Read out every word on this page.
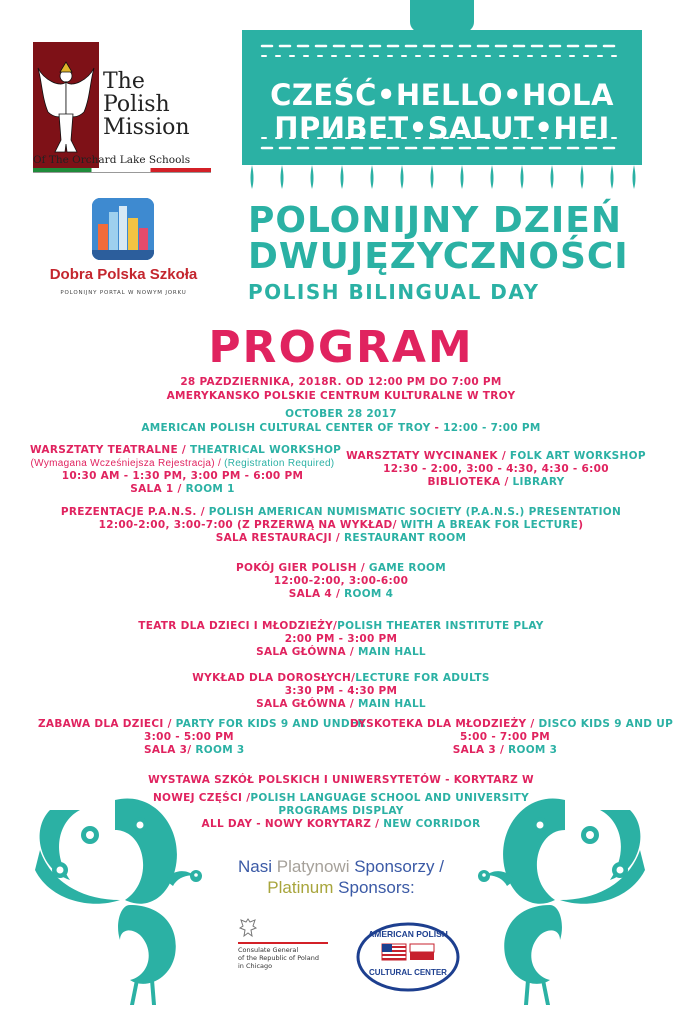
The
Polish
Mission
Of The Orchard Lake Schools
Dobra Polska Szkoła
POLONIJNY PORTAL W NOWYM JORKU
CZEŚĆ•HELLO•HOLA
ПРИВЕТ•SALUT•HEI
POLONIJNY DZIEŃ
DWUJĘZYCZNOŚCI
POLISH BILINGUAL DAY
PROGRAM
28 PAZDZIERNIKA, 2018R. OD 12:00 PM DO 7:00 PM
AMERYKANSKO POLSKIE CENTRUM KULTURALNE W TROY
OCTOBER 28 2017
AMERICAN POLISH CULTURAL CENTER OF TROY - 12:00 - 7:00 PM
WARSZTATY TEATRALNE / THEATRICAL WORKSHOP
(Wymagana Wcześniejsza Rejestracja) / (Registration Required)
10:30 AM - 1:30 PM, 3:00 PM - 6:00 PM
SALA 1 / ROOM 1
WARSZTATY WYCINANEK / FOLK ART WORKSHOP
12:30 - 2:00, 3:00 - 4:30, 4:30 - 6:00
BIBLIOTEKA / LIBRARY
PREZENTACJE P.A.N.S. / POLISH AMERICAN NUMISMATIC SOCIETY (P.A.N.S.) PRESENTATION
12:00-2:00, 3:00-7:00 (Z PRZERWĄ NA WYKŁAD/ WITH A BREAK FOR LECTURE)
SALA RESTAURACJI / RESTAURANT ROOM
POKÓJ GIER POLISH / GAME ROOM
12:00-2:00, 3:00-6:00
SALA 4 / ROOM 4
TEATR DLA DZIECI I MŁODZIEŻY/POLISH THEATER INSTITUTE PLAY
2:00 PM - 3:00 PM
SALA GŁÓWNA / MAIN HALL
WYKŁAD DLA DOROSŁYCH/LECTURE FOR ADULTS
3:30 PM - 4:30 PM
SALA GŁÓWNA / MAIN HALL
ZABAWA DLA DZIECI / PARTY FOR KIDS 9 AND UNDER
3:00 - 5:00 PM
SALA 3/ ROOM 3
DYSKOTEKA DLA MŁODZIEŻY / DISCO KIDS 9 AND UP
5:00 - 7:00 PM
SALA 3 / ROOM 3
WYSTAWA SZKÓŁ POLSKICH I UNIWERSYTETÓW - KORYTARZ W
NOWEJ CZĘŚCI /POLISH LANGUAGE SCHOOL AND UNIVERSITY
PROGRAMS DISPLAY
ALL DAY - NOWY KORYTARZ / NEW CORRIDOR
Nasi Platynowi Sponsorzy /
Platinum Sponsors:
Consulate General
of the Republic of Poland
in Chicago
AMERICAN POLISH
CULTURAL CENTER
